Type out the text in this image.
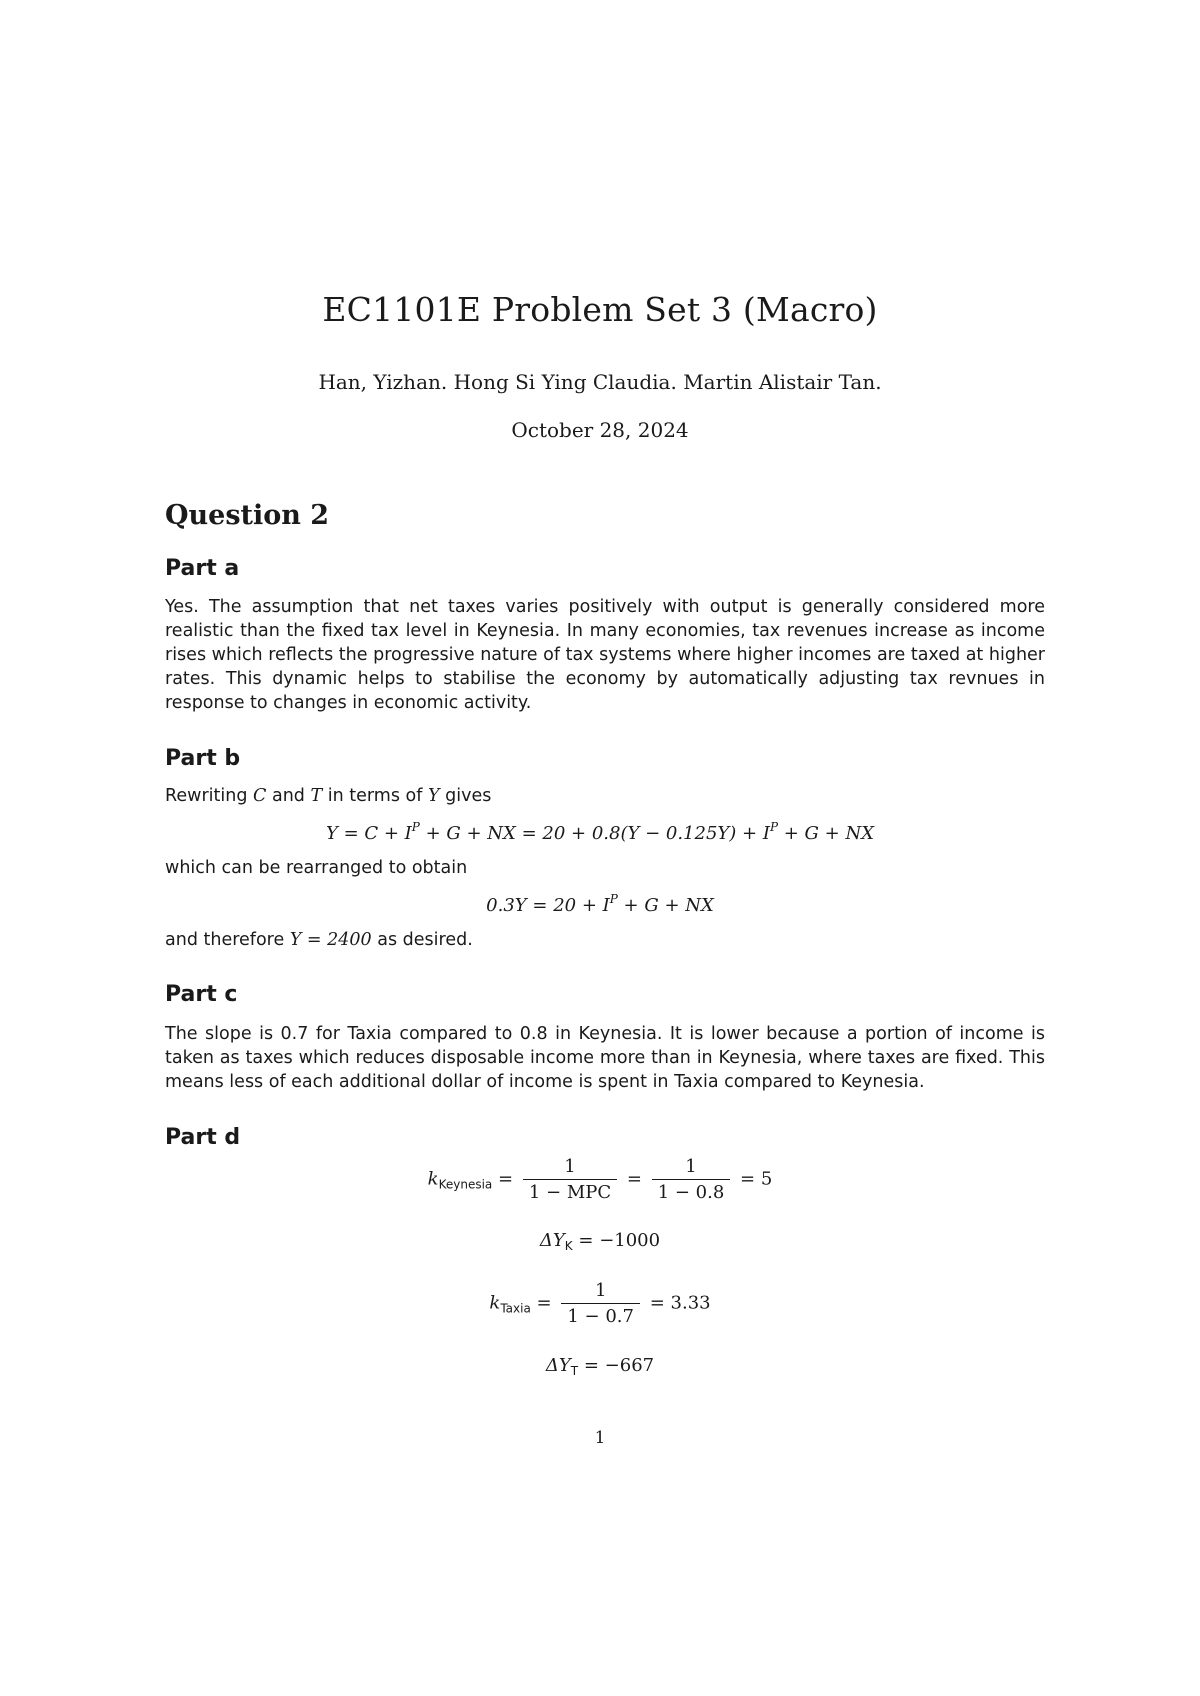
EC1101E Problem Set 3 (Macro)
Han, Yizhan. Hong Si Ying Claudia. Martin Alistair Tan.
October 28, 2024
Question 2
Part a
Yes. The assumption that net taxes varies positively with output is generally considered more realistic than the fixed tax level in Keynesia. In many economies, tax revenues increase as income rises which reflects the progressive nature of tax systems where higher incomes are taxed at higher rates. This dynamic helps to stabilise the economy by automatically adjusting tax revnues in response to changes in economic activity.
Part b
Rewriting C and T in terms of Y gives
$Y = C + I^P + G$ + NX = $20 + 0.8(Y - 0.125Y) + I^P + G$ + NX
which can be rearranged to obtain
$0.3Y = 20 + I^P + G$ + NX
and therefore Y = 2400 as desired.
Part c
The slope is 0.7 for Taxia compared to 0.8 in Keynesia. It is lower because a portion of income is taken as taxes which reduces disposable income more than in Keynesia, where taxes are fixed. This means less of each additional dollar of income is spent in Taxia compared to Keynesia.
Part d
$k_{Keynesia} = \frac{1}{\text{1 − MPC}} = \frac{1}{1 - 0.8} = 5$
$\Delta Y_K = -1000$
$k_{Taxia} = \frac{1}{1 - 0.7} = 3.33$
$\Delta Y_T = -667$
1
